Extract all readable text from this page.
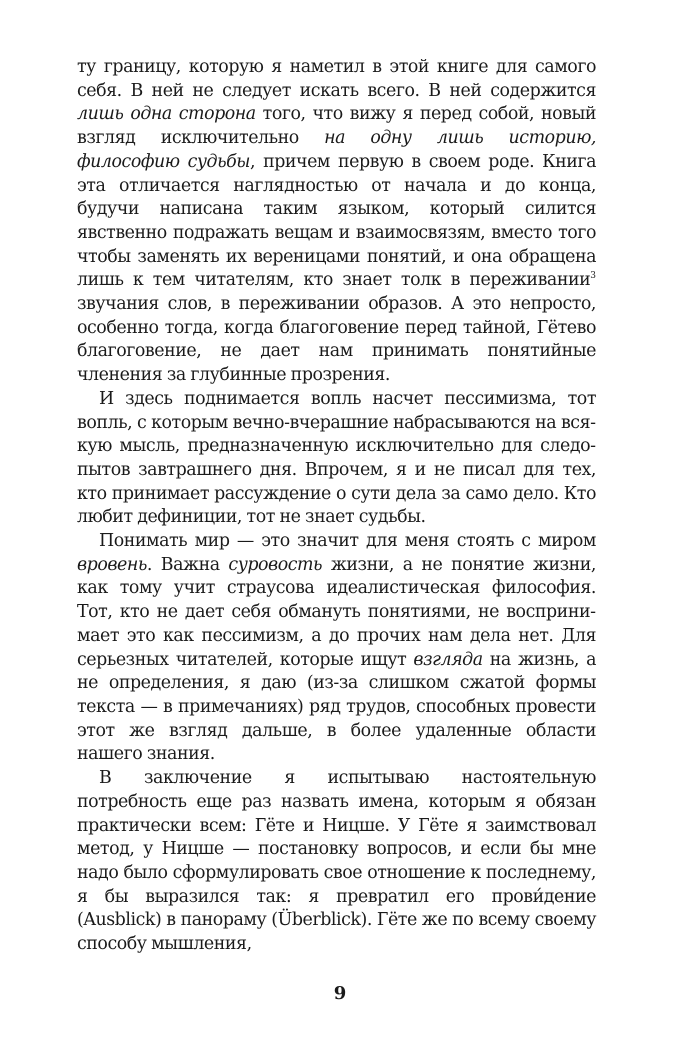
ту границу, которую я наметил в этой книге для самого себя. В ней не следует искать всего. В ней содержится лишь одна сторона того, что вижу я перед собой, новый взгляд исключительно на одну лишь историю, философию судьбы, причем первую в своем роде. Книга эта отличается наглядностью от начала и до конца, будучи написана таким языком, который силится явственно подражать вещам и взаимосвязям, вместо того чтобы заменять их вереницами понятий, и она обращена лишь к тем читателям, кто знает толк в переживании$^3$ звучания слов, в переживании образов. А это непросто, особенно тогда, когда благоговение перед тайной, Гётево благоговение, не дает нам принимать понятийные членения за глубинные прозрения.

И здесь поднимается вопль насчет пессимизма, тот вопль, с которым вечно-вчерашние набрасываются на всякую мысль, предназначенную исключительно для следопытов завтрашнего дня. Впрочем, я и не писал для тех, кто принимает рассуждение о сути дела за само дело. Кто любит дефиниции, тот не знает судьбы.

Понимать мир — это значит для меня стоять с миром вровень. Важна суровость жизни, а не понятие жизни, как тому учит страусова идеалистическая философия. Тот, кто не дает себя обмануть понятиями, не воспринимает это как пессимизм, а до прочих нам дела нет. Для серьезных читателей, которые ищут взгляда на жизнь, а не определения, я даю (из-за слишком сжатой формы текста — в примечаниях) ряд трудов, способных провести этот же взгляд дальше, в более удаленные области нашего знания.

В заключение я испытываю настоятельную потребность еще раз назвать имена, которым я обязан практически всем: Гёте и Ницше. У Гёте я заимствовал метод, у Ницше — постановку вопросов, и если бы мне надо было сформулировать свое отношение к последнему, я бы выразился так: я превратил его прови́дение (Ausblick) в панораму (Überblick). Гёте же по всему своему способу мышления,

9
